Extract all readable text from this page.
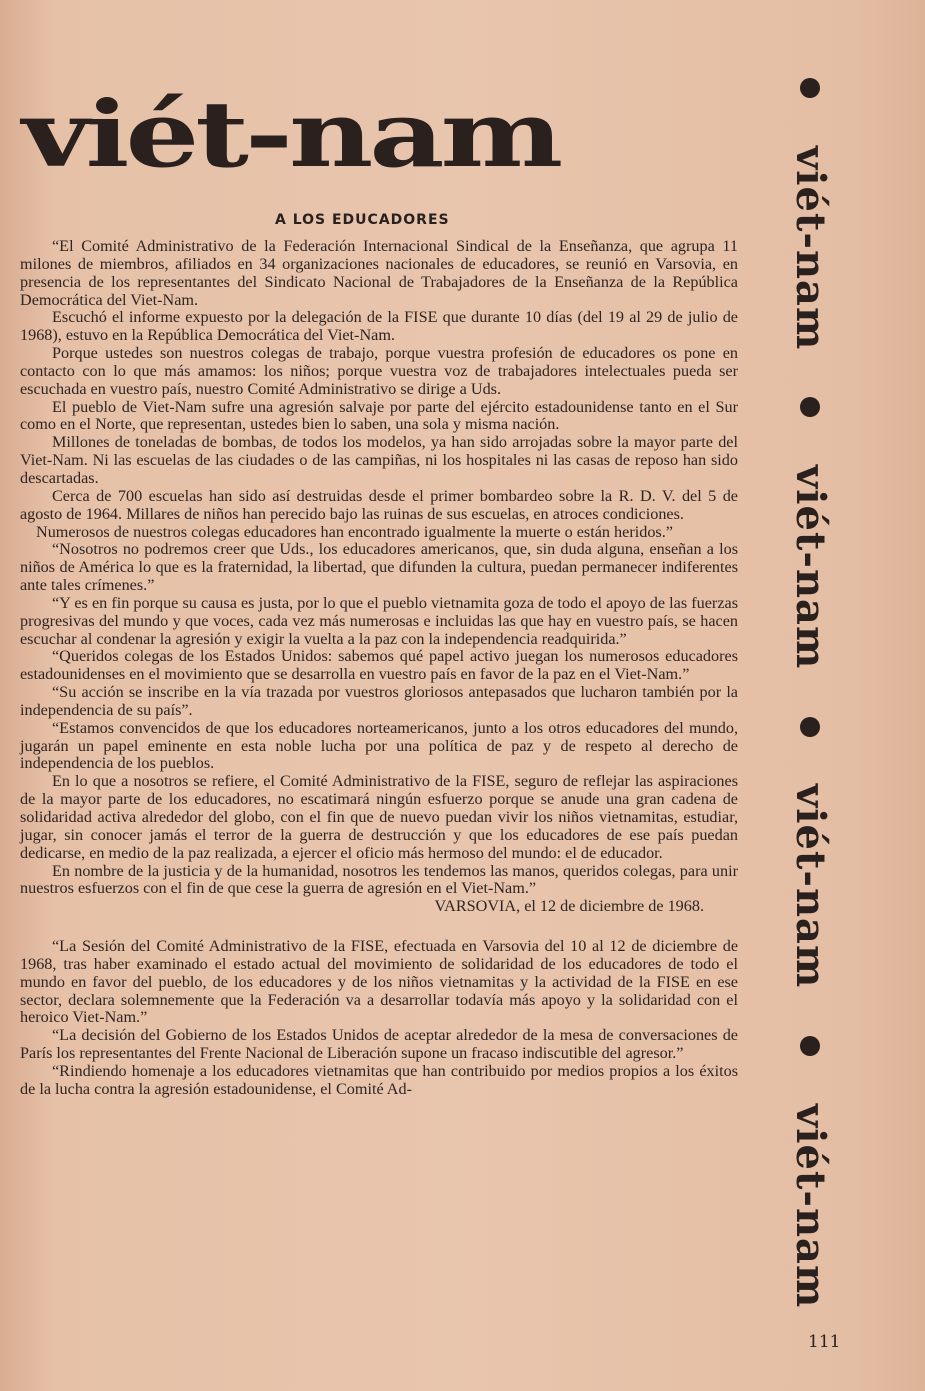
viét-nam
viét-nam
viét-nam
viét-nam
viét-nam
A LOS EDUCADORES

“El Comité Administrativo de la Federación Internacional Sindical de la Enseñanza, que agrupa 11 milones de miembros, afiliados en 34 organizaciones nacionales de educadores, se reunió en Varsovia, en presencia de los representantes del Sindicato Nacional de Trabajadores de la Enseñanza de la República Democrática del Viet-Nam.

Escuchó el informe expuesto por la delegación de la FISE que durante 10 días (del 19 al 29 de julio de 1968), estuvo en la República Democrática del Viet-Nam.

Porque ustedes son nuestros colegas de trabajo, porque vuestra profesión de educadores os pone en contacto con lo que más amamos: los niños; porque vuestra voz de trabajadores intelectuales pueda ser escuchada en vuestro país, nuestro Comité Administrativo se dirige a Uds.

El pueblo de Viet-Nam sufre una agresión salvaje por parte del ejército estadounidense tanto en el Sur como en el Norte, que representan, ustedes bien lo saben, una sola y misma nación.

Millones de toneladas de bombas, de todos los modelos, ya han sido arrojadas sobre la mayor parte del Viet-Nam. Ni las escuelas de las ciudades o de las campiñas, ni los hospitales ni las casas de reposo han sido descartadas.

Cerca de 700 escuelas han sido así destruidas desde el primer bombardeo sobre la R. D. V. del 5 de agosto de 1964. Millares de niños han perecido bajo las ruinas de sus escuelas, en atroces condiciones.

Numerosos de nuestros colegas educadores han encontrado igualmente la muerte o están heridos.”

“Nosotros no podremos creer que Uds., los educadores americanos, que, sin duda alguna, enseñan a los niños de América lo que es la fraternidad, la libertad, que difunden la cultura, puedan permanecer indiferentes ante tales crímenes.”

“Y es en fin porque su causa es justa, por lo que el pueblo vietnamita goza de todo el apoyo de las fuerzas progresivas del mundo y que voces, cada vez más numerosas e incluidas las que hay en vuestro país, se hacen escuchar al condenar la agresión y exigir la vuelta a la paz con la independencia readquirida.”

“Queridos colegas de los Estados Unidos: sabemos qué papel activo juegan los numerosos educadores estadounidenses en el movimiento que se desarrolla en vuestro país en favor de la paz en el Viet-Nam.”

“Su acción se inscribe en la vía trazada por vuestros gloriosos antepasados que lucharon también por la independencia de su país”.

“Estamos convencidos de que los educadores norteamericanos, junto a los otros educadores del mundo, jugarán un papel eminente en esta noble lucha por una política de paz y de respeto al derecho de independencia de los pueblos.

En lo que a nosotros se refiere, el Comité Administrativo de la FISE, seguro de reflejar las aspiraciones de la mayor parte de los educadores, no escatimará ningún esfuerzo porque se anude una gran cadena de solidaridad activa alrededor del globo, con el fin que de nuevo puedan vivir los niños vietnamitas, estudiar, jugar, sin conocer jamás el terror de la guerra de destrucción y que los educadores de ese país puedan dedicarse, en medio de la paz realizada, a ejercer el oficio más hermoso del mundo: el de educador.

En nombre de la justicia y de la humanidad, nosotros les tendemos las manos, queridos colegas, para unir nuestros esfuerzos con el fin de que cese la guerra de agresión en el Viet-Nam.”

VARSOVIA, el 12 de diciembre de 1968.

“La Sesión del Comité Administrativo de la FISE, efectuada en Varsovia del 10 al 12 de diciembre de 1968, tras haber examinado el estado actual del movimiento de solidaridad de los educadores de todo el mundo en favor del pueblo, de los educadores y de los niños vietnamitas y la actividad de la FISE en ese sector, declara solemnemente que la Federación va a desarrollar todavía más apoyo y la solidaridad con el heroico Viet-Nam.”

“La decisión del Gobierno de los Estados Unidos de aceptar alrededor de la mesa de conversaciones de París los representantes del Frente Nacional de Liberación supone un fracaso indiscutible del agresor.”

“Rindiendo homenaje a los educadores vietnamitas que han contribuido por medios propios a los éxitos de la lucha contra la agresión estadounidense, el Comité Ad-

111
